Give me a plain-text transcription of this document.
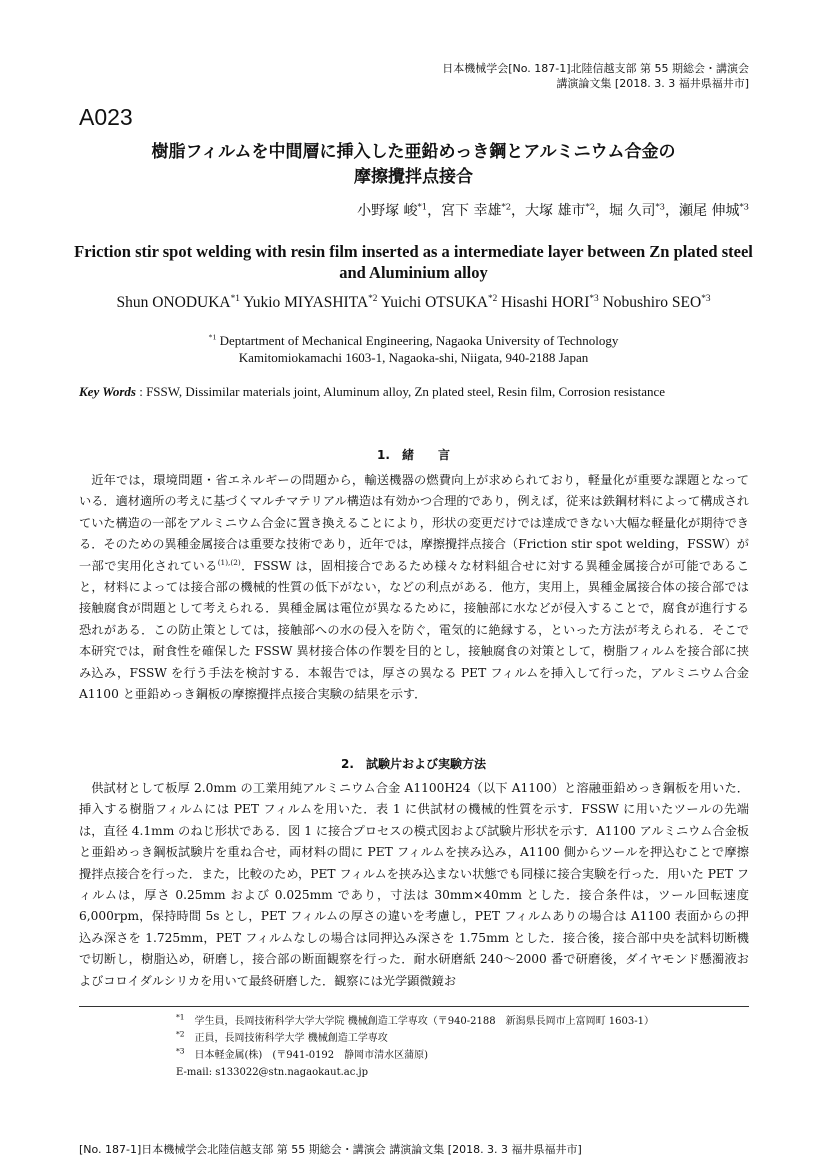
日本機械学会[No. 187-1]北陸信越支部 第 55 期総会・講演会
講演論文集 [2018. 3. 3 福井県福井市]
A023
樹脂フィルムを中間層に挿入した亜鉛めっき鋼とアルミニウム合金の
摩擦攪拌点接合
小野塚 峻$^{*1}$，宮下 幸雄$^{*2}$，大塚 雄市$^{*2}$，堀 久司$^{*3}$，瀬尾 伸城$^{*3}$
Friction stir spot welding with resin film inserted as a intermediate layer between Zn plated steel
and Aluminium alloy
Shun ONODUKA$^{*1}$ Yukio MIYASHITA$^{*2}$ Yuichi OTSUKA$^{*2}$ Hisashi HORI$^{*3}$ Nobushiro SEO$^{*3}$
$^{*1}$ Deptartment of Mechanical Engineering, Nagaoka University of Technology
Kamitomiokamachi 1603-1, Nagaoka-shi, Niigata, 940-2188 Japan
Key Words : FSSW, Dissimilar materials joint, Aluminum alloy, Zn plated steel, Resin film, Corrosion resistance
1.　緒　　言
近年では，環境問題・省エネルギーの問題から，輸送機器の燃費向上が求められており，軽量化が重要な課題となっている．適材適所の考えに基づくマルチマテリアル構造は有効かつ合理的であり，例えば，従来は鉄鋼材料によって構成されていた構造の一部をアルミニウム合金に置き換えることにより，形状の変更だけでは達成できない大幅な軽量化が期待できる．そのための異種金属接合は重要な技術であり，近年では，摩擦攪拌点接合（Friction stir spot welding，FSSW）が一部で実用化されている$^{(1),(2)}$．FSSW は，固相接合であるため様々な材料組合せに対する異種金属接合が可能であること，材料によっては接合部の機械的性質の低下がない，などの利点がある．他方，実用上，異種金属接合体の接合部では接触腐食が問題として考えられる．異種金属は電位が異なるために，接触部に水などが侵入することで，腐食が進行する恐れがある．この防止策としては，接触部への水の侵入を防ぐ，電気的に絶縁する，といった方法が考えられる．そこで本研究では，耐食性を確保した FSSW 異材接合体の作製を目的とし，接触腐食の対策として，樹脂フィルムを接合部に挟み込み，FSSW を行う手法を検討する．本報告では，厚さの異なる PET フィルムを挿入して行った，アルミニウム合金 A1100 と亜鉛めっき鋼板の摩擦攪拌点接合実験の結果を示す．
2.　試験片および実験方法
供試材として板厚 2.0mm の工業用純アルミニウム合金 A1100H24（以下 A1100）と溶融亜鉛めっき鋼板を用いた．挿入する樹脂フィルムには PET フィルムを用いた．表 1 に供試材の機械的性質を示す．FSSW に用いたツールの先端は，直径 4.1mm のねじ形状である．図 1 に接合プロセスの模式図および試験片形状を示す．A1100 アルミニウム合金板と亜鉛めっき鋼板試験片を重ね合せ，両材料の間に PET フィルムを挟み込み，A1100 側からツールを押込むことで摩擦攪拌点接合を行った．また，比較のため，PET フィルムを挟み込まない状態でも同様に接合実験を行った．用いた PET フィルムは，厚さ 0.25mm および 0.025mm であり，寸法は 30mm×40mm とした．接合条件は，ツール回転速度 6,000rpm，保持時間 5s とし，PET フィルムの厚さの違いを考慮し，PET フィルムありの場合は A1100 表面からの押込み深さを 1.725mm，PET フィルムなしの場合は同押込み深さを 1.75mm とした．接合後，接合部中央を試料切断機で切断し，樹脂込め，研磨し，接合部の断面観察を行った．耐水研磨紙 240～2000 番で研磨後，ダイヤモンド懸濁液およびコロイダルシリカを用いて最終研磨した．観察には光学顕微鏡お
$^{*1}$　 学生員，長岡技術科学大学大学院 機械創造工学専攻（〒940-2188　新潟県長岡市上富岡町 1603-1）
$^{*2}$　 正員，長岡技術科学大学 機械創造工学専攻
$^{*3}$　 日本軽金属(株)　(〒941-0192　静岡市清水区蒲原)
E-mail: s133022@stn.nagaokaut.ac.jp
[No. 187-1]日本機械学会北陸信越支部 第 55 期総会・講演会 講演論文集 [2018. 3. 3 福井県福井市]
